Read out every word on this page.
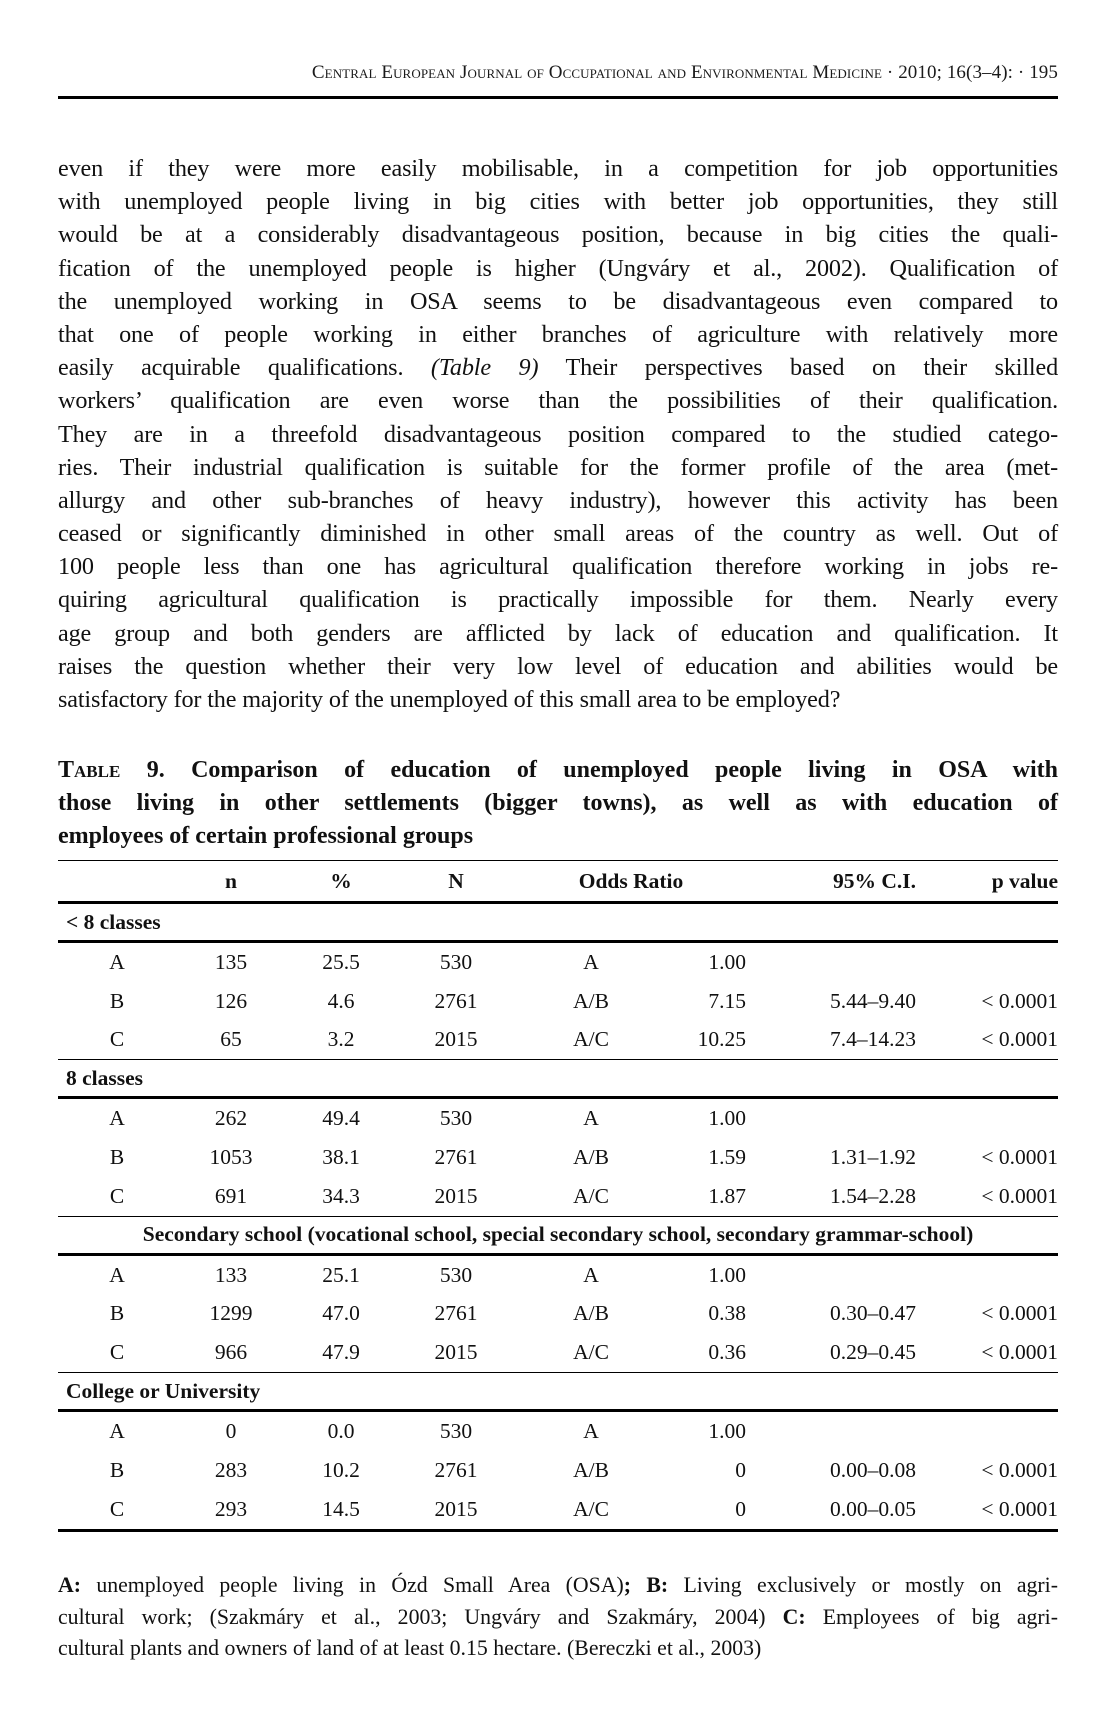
Central European Journal of Occupational and Environmental Medicine · 2010; 16(3–4): · 195
even if they were more easily mobilisable, in a competition for job opportunities
with unemployed people living in big cities with better job opportunities, they still
would be at a considerably disadvantageous position, because in big cities the quali-
fication of the unemployed people is higher (Ungváry et al., 2002). Qualification of
the unemployed working in OSA seems to be disadvantageous even compared to
that one of people working in either branches of agriculture with relatively more
easily acquirable qualifications. (Table 9) Their perspectives based on their skilled
workers’ qualification are even worse than the possibilities of their qualification.
They are in a threefold disadvantageous position compared to the studied catego-
ries. Their industrial qualification is suitable for the former profile of the area (met-
allurgy and other sub-branches of heavy industry), however this activity has been
ceased or significantly diminished in other small areas of the country as well. Out of
100 people less than one has agricultural qualification therefore working in jobs re-
quiring agricultural qualification is practically impossible for them. Nearly every
age group and both genders are afflicted by lack of education and qualification. It
raises the question whether their very low level of education and abilities would be
satisfactory for the majority of the unemployed of this small area to be employed?
Table 9. Comparison of education of unemployed people living in OSA with
those living in other settlements (bigger towns), as well as with education of
employees of certain professional groups
	n	%	N	Odds Ratio		95% C.I.	p value
< 8 classes							
A	135	25.5	530	A	1.00		
B	126	4.6	2761	A/B	7.15	5.44–9.40	< 0.0001
C	65	3.2	2015	A/C	10.25	7.4–14.23	< 0.0001
8 classes							
A	262	49.4	530	A	1.00		
B	1053	38.1	2761	A/B	1.59	1.31–1.92	< 0.0001
C	691	34.3	2015	A/C	1.87	1.54–2.28	< 0.0001
Secondary school (vocational school, special secondary school, secondary grammar-school)							
A	133	25.1	530	A	1.00		
B	1299	47.0	2761	A/B	0.38	0.30–0.47	< 0.0001
C	966	47.9	2015	A/C	0.36	0.29–0.45	< 0.0001
College or University							
A	0	0.0	530	A	1.00		
B	283	10.2	2761	A/B	0	0.00–0.08	< 0.0001
C	293	14.5	2015	A/C	0	0.00–0.05	< 0.0001
A: unemployed people living in Ózd Small Area (OSA); B: Living exclusively or mostly on agri-
cultural work; (Szakmáry et al., 2003; Ungváry and Szakmáry, 2004) C: Employees of big agri-
cultural plants and owners of land of at least 0.15 hectare. (Bereczki et al., 2003)
